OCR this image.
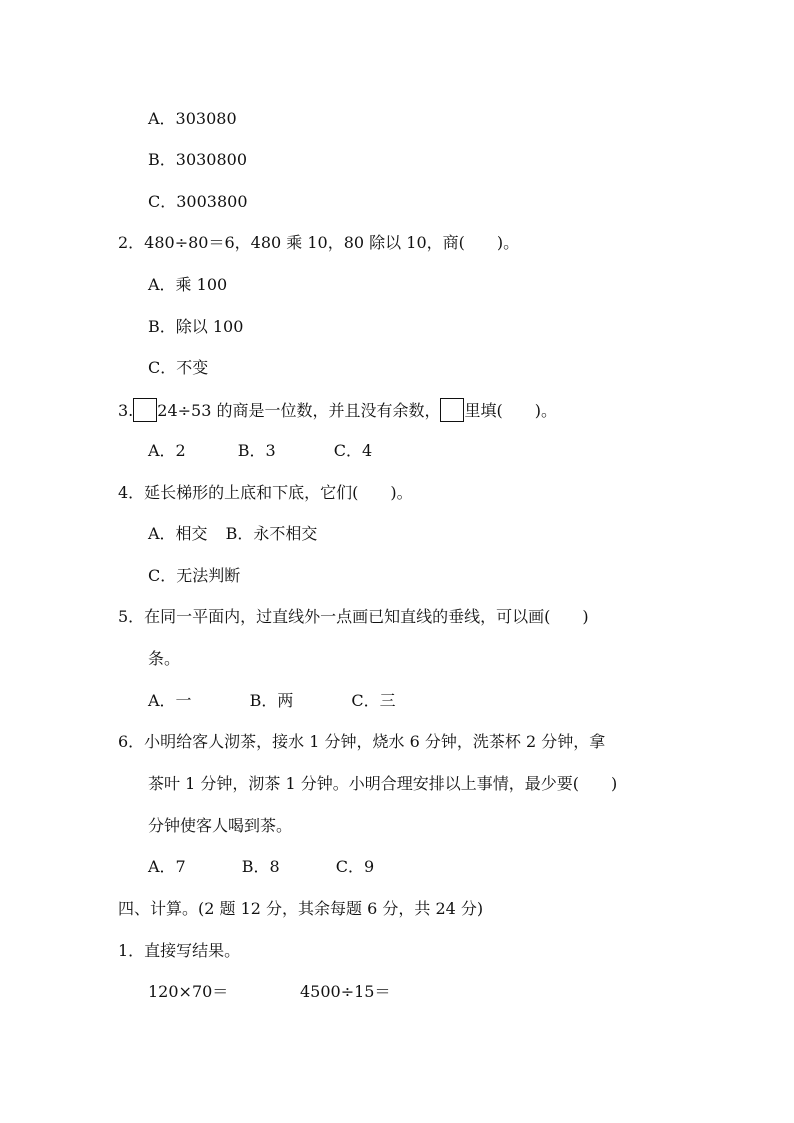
A．303080
B．3030800
C．3003800
2．480÷80＝6，480 乘 10，80 除以 10，商(　　)。
A．乘 100
B．除以 100
C．不变
3. 24÷53 的商是一位数，并且没有余数， 里填(　　)。
A．2	B．3	C．4
4．延长梯形的上底和下底，它们(　　)。
A．相交 B．永不相交
C．无法判断
5．在同一平面内，过直线外一点画已知直线的垂线，可以画(　　)
条。
A．一	B．两	C．三
6．小明给客人沏茶，接水 1 分钟，烧水 6 分钟，洗茶杯 2 分钟，拿
茶叶 1 分钟，沏茶 1 分钟。小明合理安排以上事情，最少要(　　)
分钟使客人喝到茶。
A．7	B．8	C．9
四、计算。(2 题 12 分，其余每题 6 分，共 24 分)
1．直接写结果。
120×70＝	4500÷15＝
